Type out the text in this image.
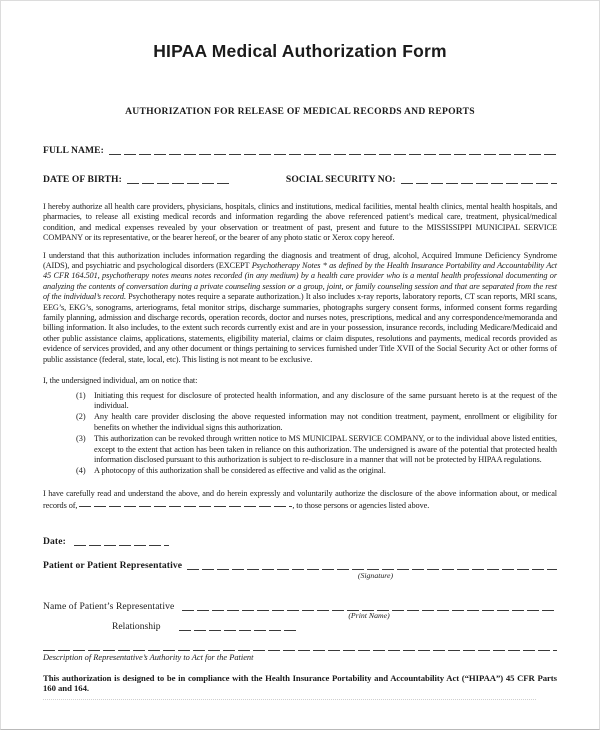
HIPAA Medical Authorization Form
AUTHORIZATION FOR RELEASE OF MEDICAL RECORDS AND REPORTS
FULL NAME:
DATE OF BIRTH:	SOCIAL SECURITY NO:
I hereby authorize all health care providers, physicians, hospitals, clinics and institutions, medical facilities, mental health clinics, mental health hospitals, and pharmacies, to release all existing medical records and information regarding the above referenced patient’s medical care, treatment, physical/medical condition, and medical expenses revealed by your observation or treatment of past, present and future to the MISSISSIPPI MUNICIPAL SERVICE COMPANY or its representative, or the bearer hereof, or the bearer of any photo static or Xerox copy hereof.
I understand that this authorization includes information regarding the diagnosis and treatment of drug, alcohol, Acquired Immune Deficiency Syndrome (AIDS), and psychiatric and psychological disorders (EXCEPT Psychotherapy Notes * as defined by the Health Insurance Portability and Accountability Act 45 CFR 164.501, psychotherapy notes means notes recorded (in any medium) by a health care provider who is a mental health professional documenting or analyzing the contents of conversation during a private counseling session or a group, joint, or family counseling session and that are separated from the rest of the individual’s record. Psychotherapy notes require a separate authorization.) It also includes x-ray reports, laboratory reports, CT scan reports, MRI scans, EEG’s, EKG’s, sonograms, arteriograms, fetal monitor strips, discharge summaries, photographs surgery consent forms, informed consent forms regarding family planning, admission and discharge records, operation records, doctor and nurses notes, prescriptions, medical and any correspondence/memoranda and billing information. It also includes, to the extent such records currently exist and are in your possession, insurance records, including Medicare/Medicaid and other public assistance claims, applications, statements, eligibility material, claims or claim disputes, resolutions and payments, medical records provided as evidence of services provided, and any other document or things pertaining to services furnished under Title XVII of the Social Security Act or other forms of public assistance (federal, state, local, etc). This listing is not meant to be exclusive.
I, the undersigned individual, am on notice that:
(1)	Initiating this request for disclosure of protected health information, and any disclosure of the same pursuant hereto is at the request of the individual.
(2)	Any health care provider disclosing the above requested information may not condition treatment, payment, enrollment or eligibility for benefits on whether the individual signs this authorization.
(3)	This authorization can be revoked through written notice to MS MUNICIPAL SERVICE COMPANY, or to the individual above listed entities, except to the extent that action has been taken in reliance on this authorization. The undersigned is aware of the potential that protected health information disclosed pursuant to this authorization is subject to re-disclosure in a manner that will not be protected by HIPAA regulations.
(4)	A photocopy of this authorization shall be considered as effective and valid as the original.
I have carefully read and understand the above, and do herein expressly and voluntarily authorize the disclosure of the above information about, or medical records of,	, to those persons or agencies listed above.
Date:
Patient or Patient Representative
(Signature)
Name of Patient’s Representative
(Print Name)
Relationship
Description of Representative’s Authority to Act for the Patient
This authorization is designed to be in compliance with the Health Insurance Portability and Accountability Act (“HIPAA”) 45 CFR Parts 160 and 164.
